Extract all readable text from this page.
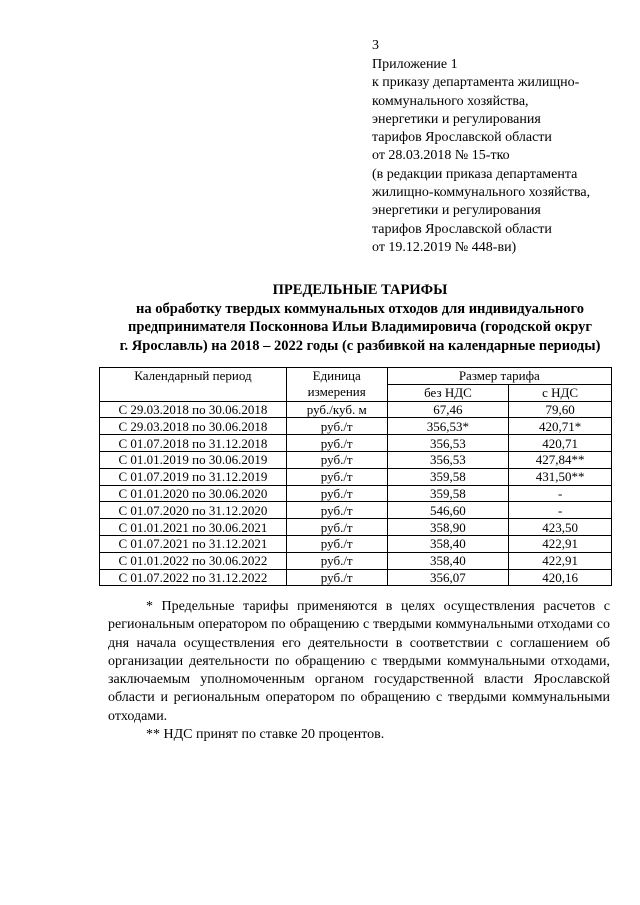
3
Приложение 1
к приказу департамента жилищно-
коммунального хозяйства,
энергетики и регулирования
тарифов Ярославской области
от 28.03.2018 № 15-тко
(в редакции приказа департамента
жилищно-коммунального хозяйства,
энергетики и регулирования
тарифов Ярославской области
от 19.12.2019 № 448-ви)
ПРЕДЕЛЬНЫЕ ТАРИФЫ
на обработку твердых коммунальных отходов для индивидуального
предпринимателя Посконнова Ильи Владимировича (городской округ
г. Ярославль) на 2018 – 2022 годы (с разбивкой на календарные периоды)
Календарный период	Единица измерения	Размер тарифа	
		без НДС	с НДС
С 29.03.2018 по 30.06.2018	руб./куб. м	67,46	79,60
С 29.03.2018 по 30.06.2018	руб./т	356,53*	420,71*
С 01.07.2018 по 31.12.2018	руб./т	356,53	420,71
С 01.01.2019 по 30.06.2019	руб./т	356,53	427,84**
С 01.07.2019 по 31.12.2019	руб./т	359,58	431,50**
С 01.01.2020 по 30.06.2020	руб./т	359,58	-
С 01.07.2020 по 31.12.2020	руб./т	546,60	-
С 01.01.2021 по 30.06.2021	руб./т	358,90	423,50
С 01.07.2021 по 31.12.2021	руб./т	358,40	422,91
С 01.01.2022 по 30.06.2022	руб./т	358,40	422,91
С 01.07.2022 по 31.12.2022	руб./т	356,07	420,16

* Предельные тарифы применяются в целях осуществления расчетов с региональным оператором по обращению с твердыми коммунальными отходами со дня начала осуществления его деятельности в соответствии с соглашением об организации деятельности по обращению с твердыми коммунальными отходами, заключаемым уполномоченным органом государственной власти Ярославской области и региональным оператором по обращению с твердыми коммунальными отходами.

** НДС принят по ставке 20 процентов.
